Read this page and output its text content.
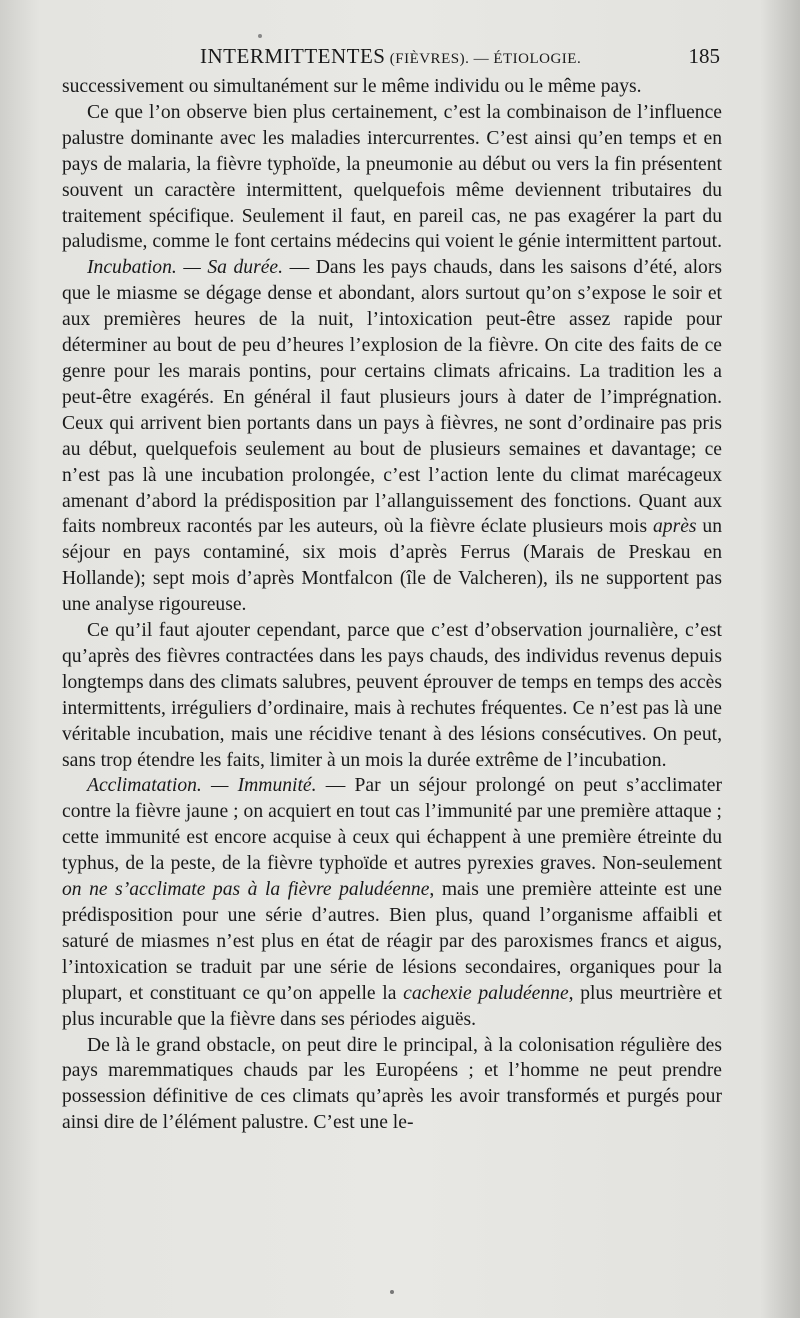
INTERMITTENTES (FIÈVRES). — ÉTIOLOGIE.	185

successivement ou simultanément sur le même individu ou le même pays.

Ce que l’on observe bien plus certainement, c’est la combinaison de l’influence palustre dominante avec les maladies intercurrentes. C’est ainsi qu’en temps et en pays de malaria, la fièvre typhoïde, la pneumonie au début ou vers la fin présentent souvent un caractère intermittent, quelquefois même deviennent tributaires du traitement spécifique. Seulement il faut, en pareil cas, ne pas exagérer la part du paludisme, comme le font certains médecins qui voient le génie intermittent partout.

Incubation. — Sa durée. — Dans les pays chauds, dans les saisons d’été, alors que le miasme se dégage dense et abondant, alors surtout qu’on s’expose le soir et aux premières heures de la nuit, l’intoxication peut-être assez rapide pour déterminer au bout de peu d’heures l’explosion de la fièvre. On cite des faits de ce genre pour les marais pontins, pour certains climats africains. La tradition les a peut-être exagérés. En général il faut plusieurs jours à dater de l’imprégnation. Ceux qui arrivent bien portants dans un pays à fièvres, ne sont d’ordinaire pas pris au début, quelquefois seulement au bout de plusieurs semaines et davantage; ce n’est pas là une incubation prolongée, c’est l’action lente du climat marécageux amenant d’abord la prédisposition par l’allanguissement des fonctions. Quant aux faits nombreux racontés par les auteurs, où la fièvre éclate plusieurs mois après un séjour en pays contaminé, six mois d’après Ferrus (Marais de Preskau en Hollande); sept mois d’après Montfalcon (île de Valcheren), ils ne supportent pas une analyse rigoureuse.

Ce qu’il faut ajouter cependant, parce que c’est d’observation journalière, c’est qu’après des fièvres contractées dans les pays chauds, des individus revenus depuis longtemps dans des climats salubres, peuvent éprouver de temps en temps des accès intermittents, irréguliers d’ordinaire, mais à rechutes fréquentes. Ce n’est pas là une véritable incubation, mais une récidive tenant à des lésions consécutives. On peut, sans trop étendre les faits, limiter à un mois la durée extrême de l’incubation.

Acclimatation. — Immunité. — Par un séjour prolongé on peut s’acclimater contre la fièvre jaune ; on acquiert en tout cas l’immunité par une première attaque ; cette immunité est encore acquise à ceux qui échappent à une première étreinte du typhus, de la peste, de la fièvre typhoïde et autres pyrexies graves. Non-seulement on ne s’acclimate pas à la fièvre paludéenne, mais une première atteinte est une prédisposition pour une série d’autres. Bien plus, quand l’organisme affaibli et saturé de miasmes n’est plus en état de réagir par des paroxismes francs et aigus, l’intoxication se traduit par une série de lésions secondaires, organiques pour la plupart, et constituant ce qu’on appelle la cachexie paludéenne, plus meurtrière et plus incurable que la fièvre dans ses périodes aiguës.

De là le grand obstacle, on peut dire le principal, à la colonisation régulière des pays maremmatiques chauds par les Européens ; et l’homme ne peut prendre possession définitive de ces climats qu’après les avoir transformés et purgés pour ainsi dire de l’élément palustre. C’est une le-
